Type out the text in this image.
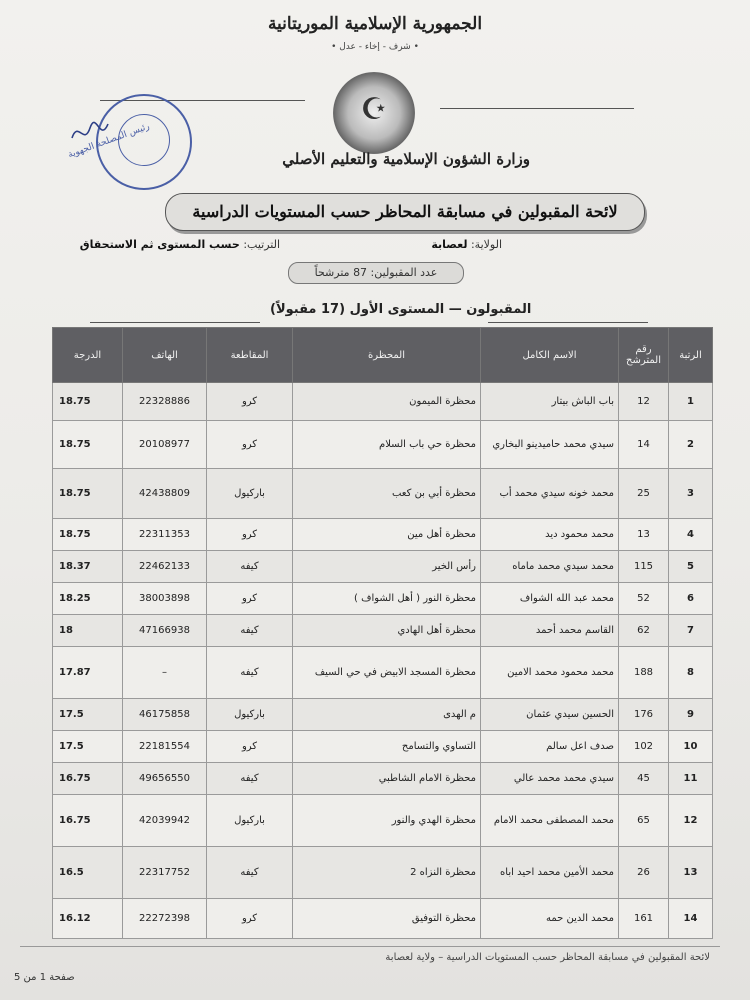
الجمهورية الإسلامية الموريتانية
• شرف - إخاء - عدل •
☪
رئيس المصلحة الجهوية	وزارة الشؤون الإسلامية والتعليم الأصلي
لائحة المقبولين في مسابقة المحاظر حسب المستويات الدراسية
الولاية: لعصابة
الترتيب: حسب المستوى ثم الاستحقاق
عدد المقبولين: 87 مترشحاً
المقبولون — المستوى الأول (17 مقبولاً)
الرتبة	رقم المترشح	الاسم الكامل	المحظرة	المقاطعة	الهاتف	الدرجة
1	12	باب الباش بيتار	محظرة الميمون	كرو	22328886	18.75
2	14	سيدي محمد حاميدينو البخاري	محظرة حي باب السلام	كرو	20108977	18.75
3	25	محمد خونه سيدي محمد أب	محظرة أبي بن كعب	باركيول	42438809	18.75
4	13	محمد محمود ديد	محظرة أهل مين	كرو	22311353	18.75
5	115	محمد سيدي محمد ماماه	رأس الخير	كيفه	22462133	18.37
6	52	محمد عبد الله الشواف	محظرة النور ( أهل الشواف )	كرو	38003898	18.25
7	62	القاسم محمد أحمد	محظرة أهل الهادي	كيفه	47166938	18
8	188	محمد محمود محمد الامين	محظرة المسجد الابيض في حي السيف	كيفه	–	17.87
9	176	الحسين سيدي عثمان	م الهدى	باركيول	46175858	17.5
10	102	صدف اعل سالم	التساوي والتسامح	كرو	22181554	17.5
11	45	سيدي محمد محمد عالي	محظرة الامام الشاطبي	كيفه	49656550	16.75
12	65	محمد المصطفى محمد الامام	محظرة الهدي والنور	باركيول	42039942	16.75
13	26	محمد الأمين محمد احيد اباه	محظرة النزاه 2	كيفه	22317752	16.5
14	161	محمد الدين حمه	محظرة التوفيق	كرو	22272398	16.12
لائحة المقبولين في مسابقة المحاظر حسب المستويات الدراسية – ولاية لعصابة
صفحة 1 من 5
